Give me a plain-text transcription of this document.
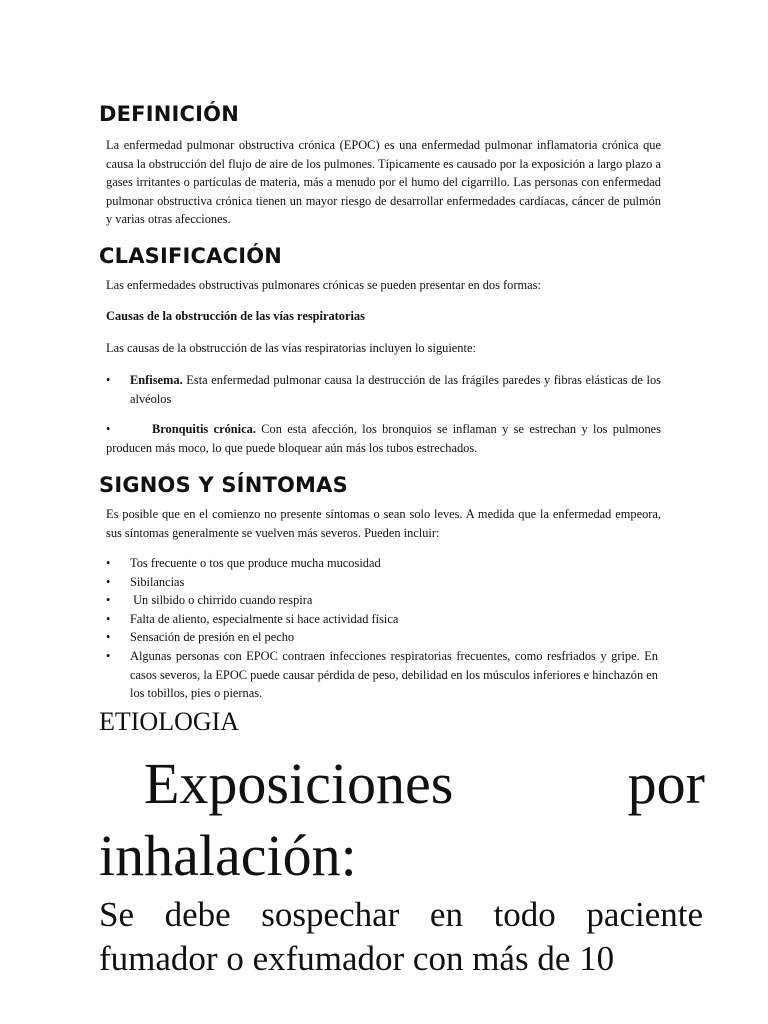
DEFINICIÓN

La enfermedad pulmonar obstructiva crónica (EPOC) es una enfermedad pulmonar inflamatoria crónica que causa la obstrucción del flujo de aire de los pulmones. Típicamente es causado por la exposición a largo plazo a gases irritantes o partículas de materia, más a menudo por el humo del cigarrillo. Las personas con enfermedad pulmonar obstructiva crónica tienen un mayor riesgo de desarrollar enfermedades cardíacas, cáncer de pulmón y varias otras afecciones.

CLASIFICACIÓN

Las enfermedades obstructivas pulmonares crónicas se pueden presentar en dos formas:

Causas de la obstrucción de las vías respiratorias

Las causas de la obstrucción de las vías respiratorias incluyen lo siguiente:

• Enfisema. Esta enfermedad pulmonar causa la destrucción de las frágiles paredes y fibras elásticas de los alvéolos
•	Bronquitis crónica. Con esta afección, los bronquios se inflaman y se estrechan y los pulmones producen más moco, lo que puede bloquear aún más los tubos estrechados.
SIGNOS Y SÍNTOMAS

Es posible que en el comienzo no presente síntomas o sean solo leves. A medida que la enfermedad empeora, sus síntomas generalmente se vuelven más severos. Pueden incluir:

• Tos frecuente o tos que produce mucha mucosidad
• Sibilancias
• Un silbido o chirrido cuando respira
• Falta de aliento, especialmente si hace actividad física
• Sensación de presión en el pecho
• Algunas personas con EPOC contraen infecciones respiratorias frecuentes, como resfriados y gripe. En casos severos, la EPOC puede causar pérdida de peso, debilidad en los músculos inferiores e hinchazón en los tobillos, pies o piernas.
ETIOLOGIA
Exposiciones	por
inhalación:

Se debe sospechar en todo paciente fumador o exfumador con más de 10
